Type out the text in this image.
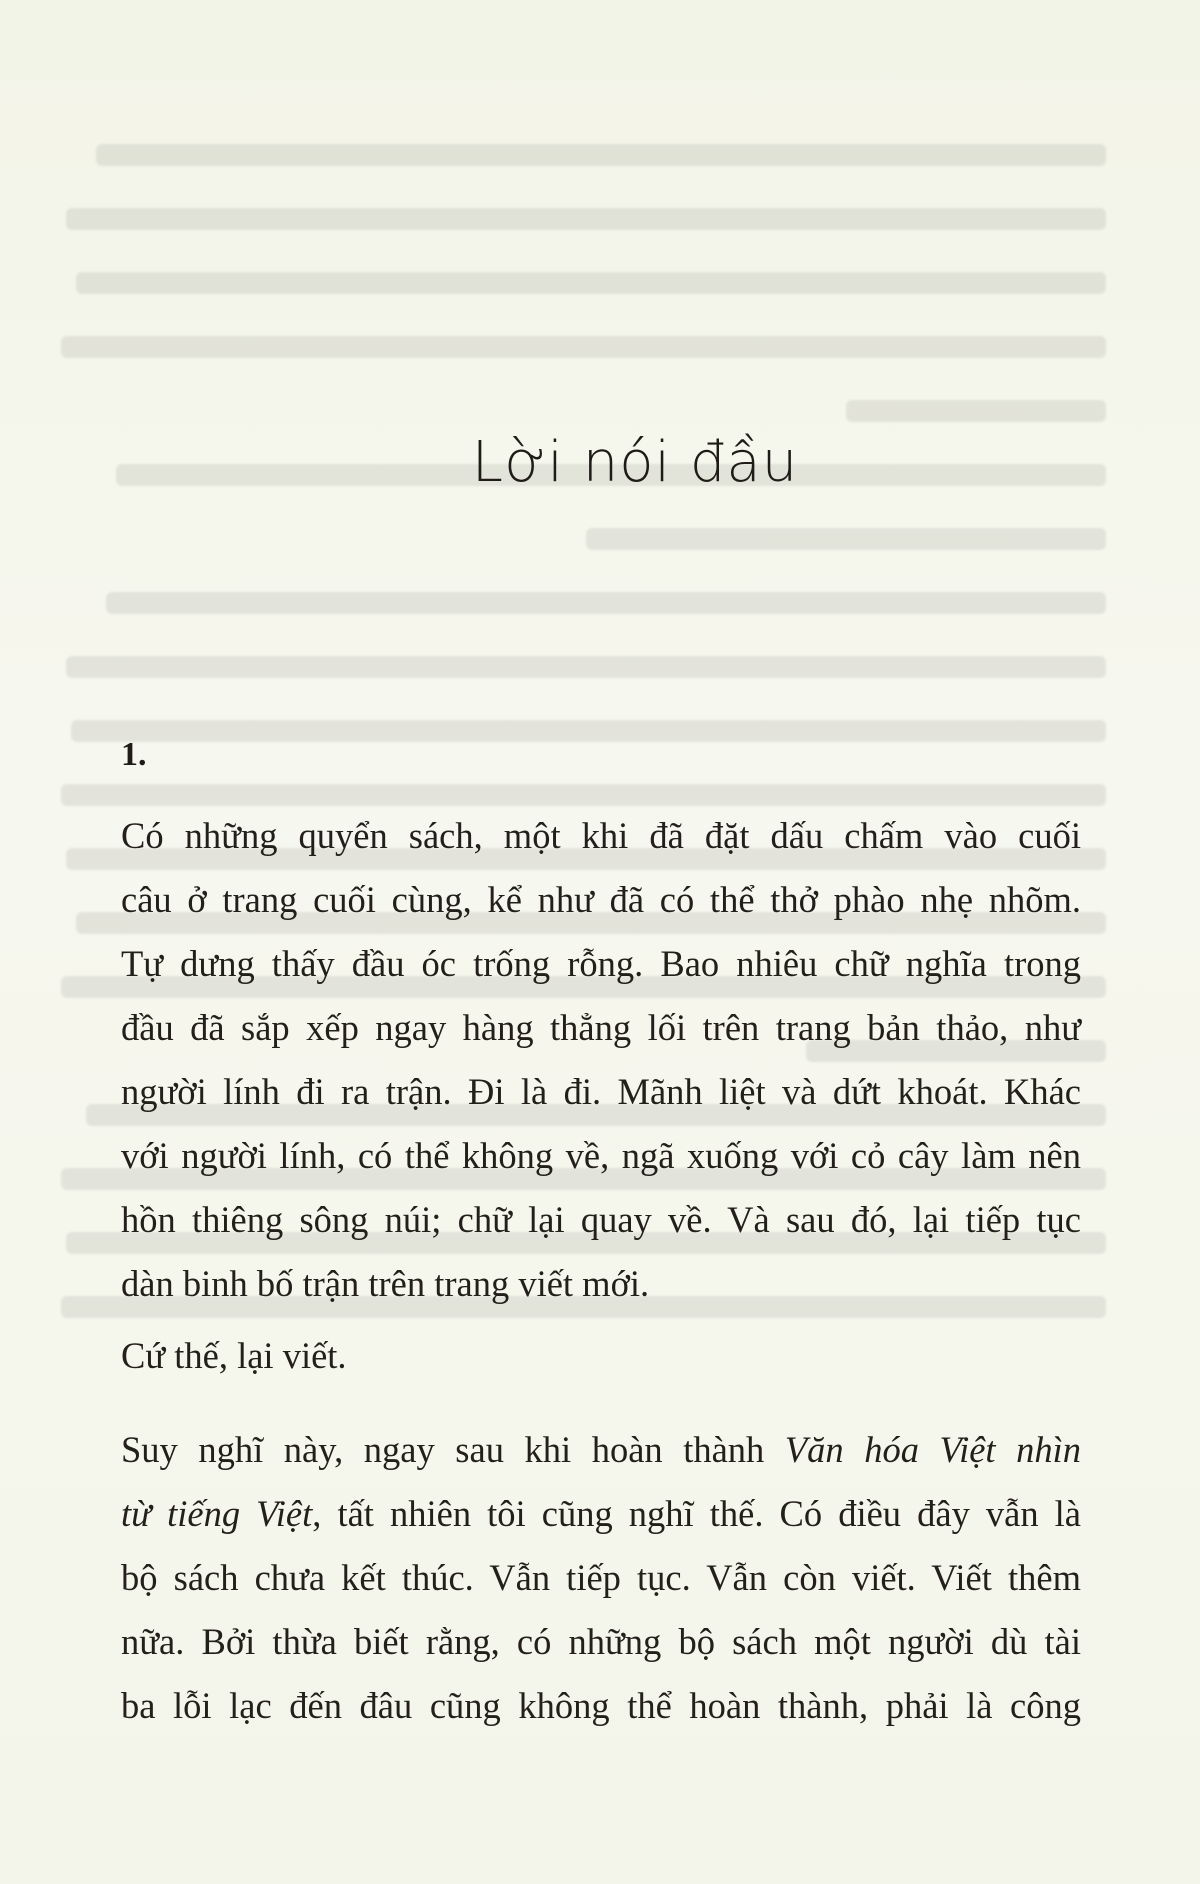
Lời nói đầu
1.
Có những quyển sách, một khi đã đặt dấu chấm vào cuối
câu ở trang cuối cùng, kể như đã có thể thở phào nhẹ nhõm.
Tự dưng thấy đầu óc trống rỗng. Bao nhiêu chữ nghĩa trong
đầu đã sắp xếp ngay hàng thẳng lối trên trang bản thảo, như
người lính đi ra trận. Đi là đi. Mãnh liệt và dứt khoát. Khác
với người lính, có thể không về, ngã xuống với cỏ cây làm nên
hồn thiêng sông núi; chữ lại quay về. Và sau đó, lại tiếp tục
dàn binh bố trận trên trang viết mới.
Cứ thế, lại viết.
Suy nghĩ này, ngay sau khi hoàn thành Văn hóa Việt nhìn
từ tiếng Việt, tất nhiên tôi cũng nghĩ thế. Có điều đây vẫn là
bộ sách chưa kết thúc. Vẫn tiếp tục. Vẫn còn viết. Viết thêm
nữa. Bởi thừa biết rằng, có những bộ sách một người dù tài
ba lỗi lạc đến đâu cũng không thể hoàn thành, phải là công
